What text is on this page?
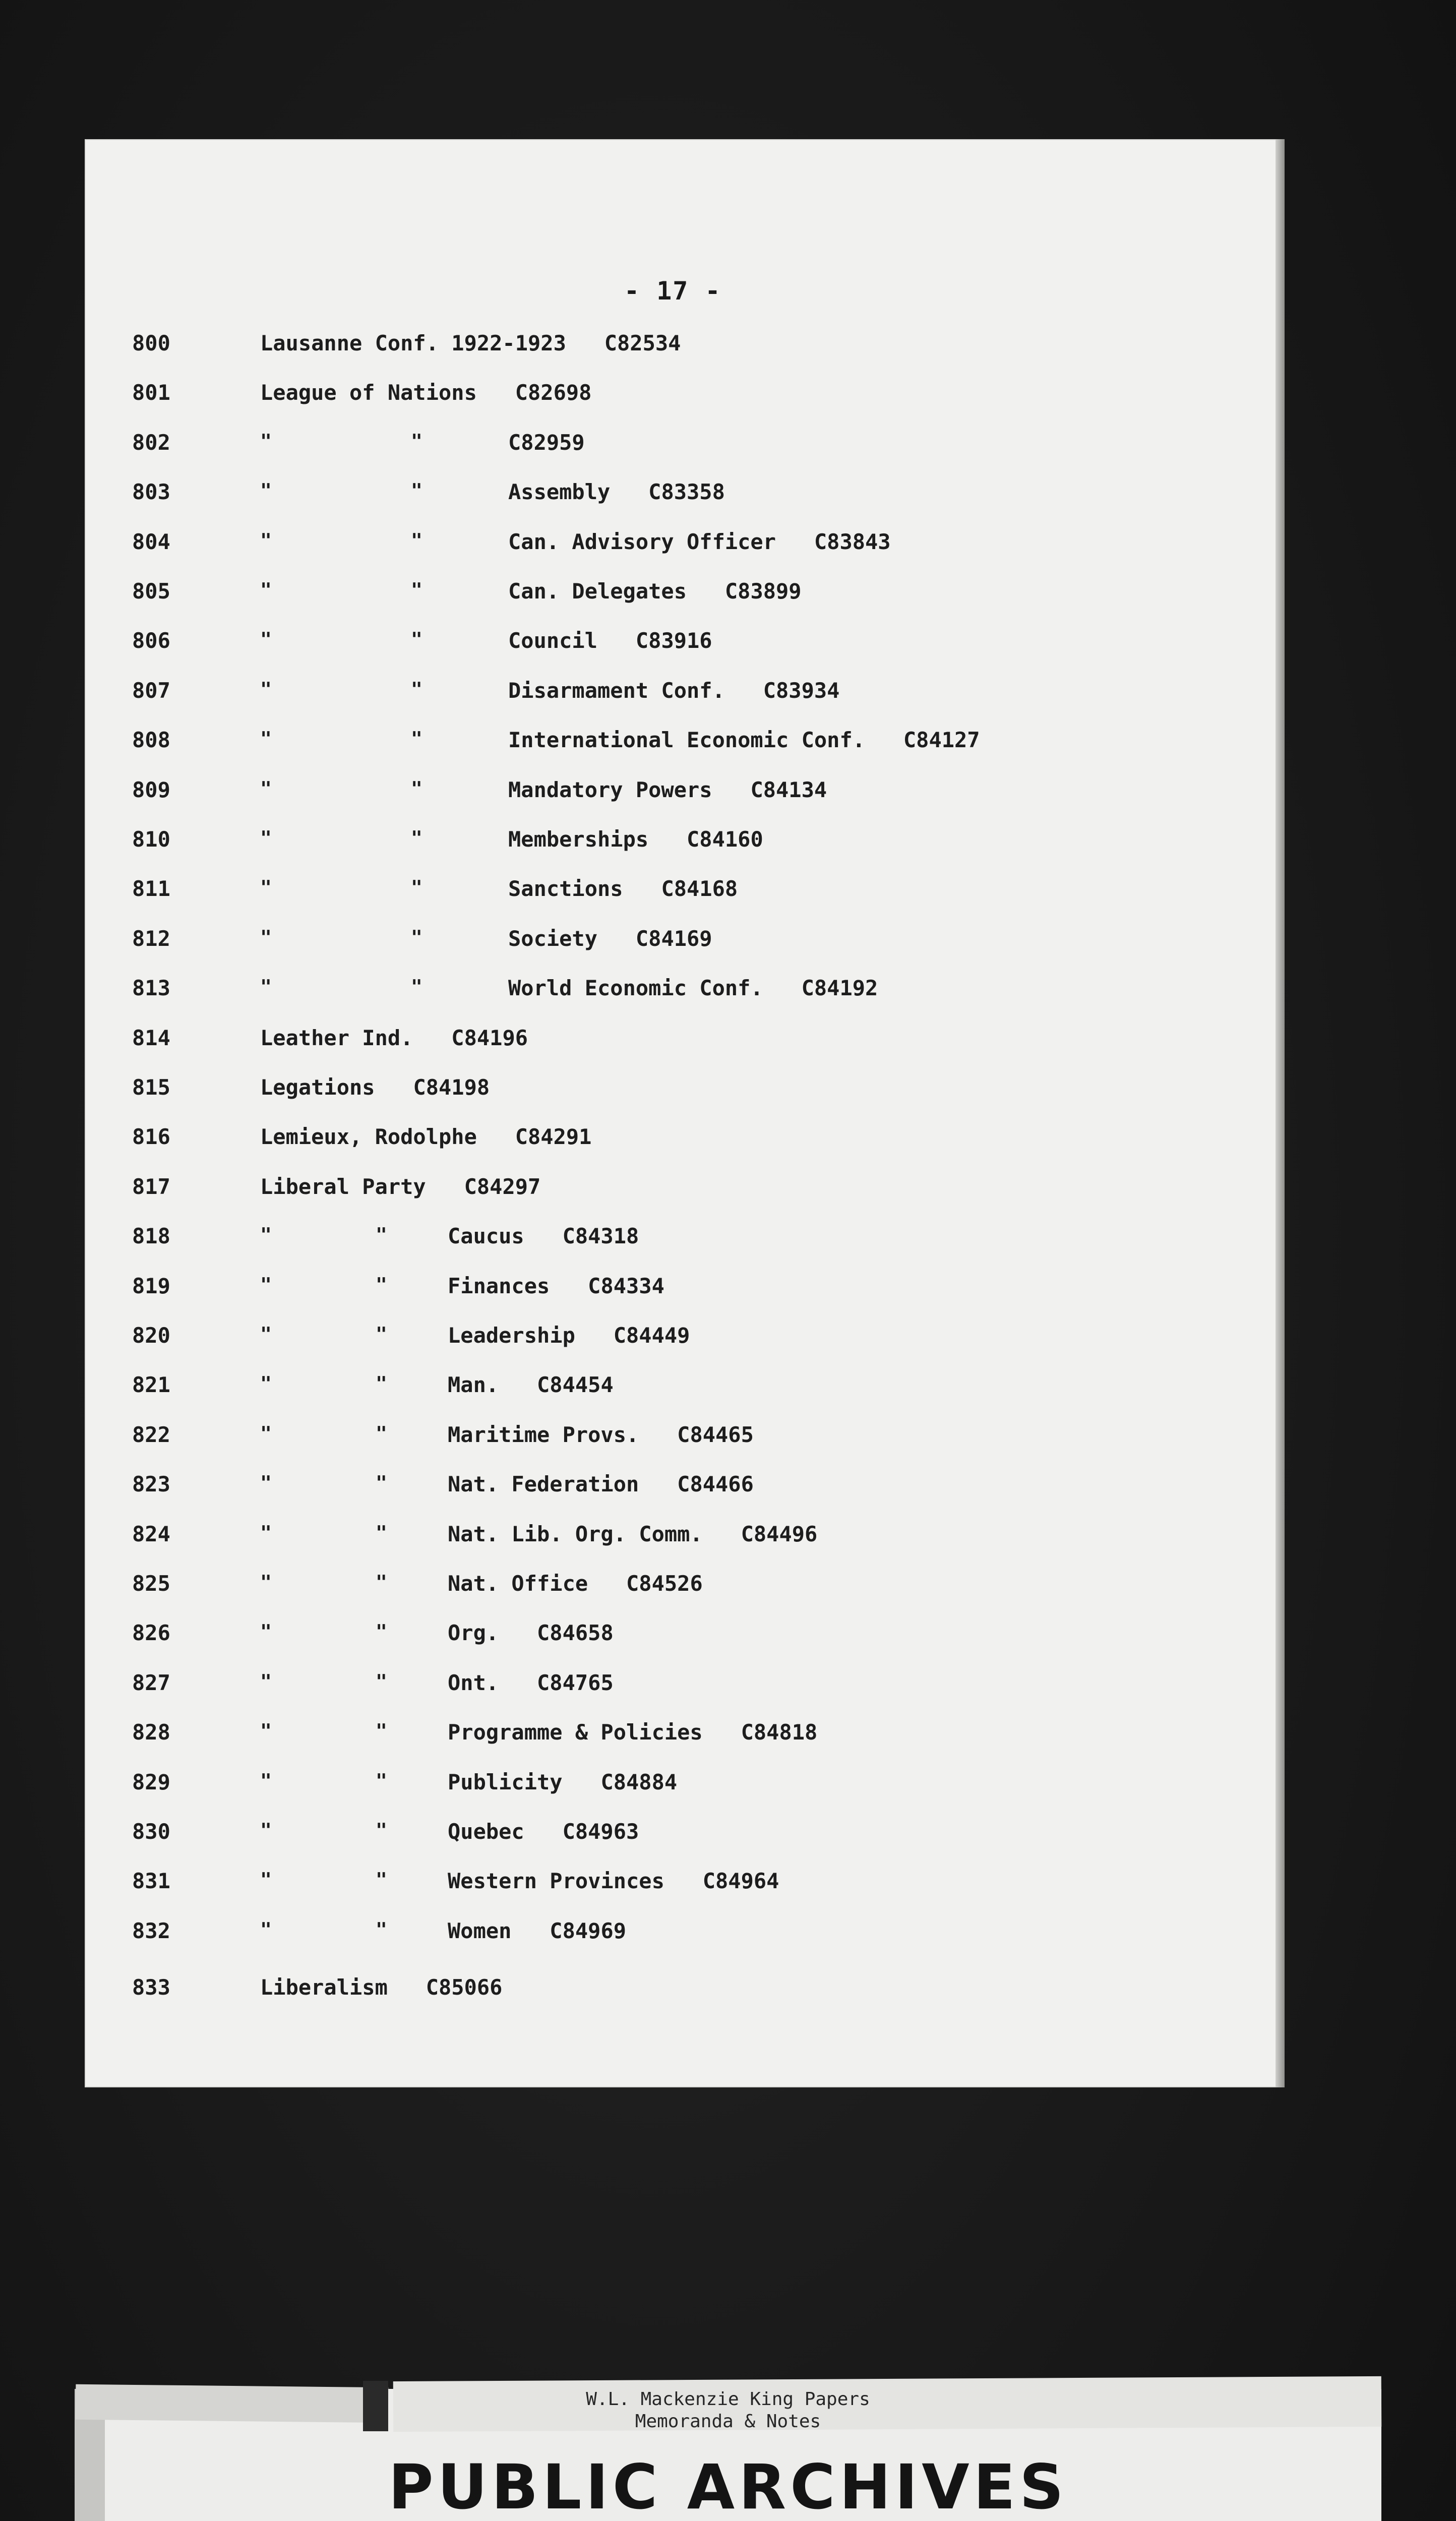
- 17 -
800	Lausanne Conf. 1922-1923 C82534
801	League of Nations C82698
802	"	"	C82959
803	"	"	Assembly C83358
804	"	"	Can. Advisory Officer C83843
805	"	"	Can. Delegates C83899
806	"	"	Council C83916
807	"	"	Disarmament Conf. C83934
808	"	"	International Economic Conf. C84127
809	"	"	Mandatory Powers C84134
810	"	"	Memberships C84160
811	"	"	Sanctions C84168
812	"	"	Society C84169
813	"	"	World Economic Conf. C84192
814	Leather Ind. C84196
815	Legations C84198
816	Lemieux, Rodolphe C84291
817	Liberal Party C84297
818	"	"	Caucus C84318
819	"	"	Finances C84334
820	"	"	Leadership C84449
821	"	"	Man. C84454
822	"	"	Maritime Provs. C84465
823	"	"	Nat. Federation C84466
824	"	"	Nat. Lib. Org. Comm. C84496
825	"	"	Nat. Office C84526
826	"	"	Org. C84658
827	"	"	Ont. C84765
828	"	"	Programme & Policies C84818
829	"	"	Publicity C84884
830	"	"	Quebec C84963
831	"	"	Western Provinces C84964
832	"	"	Women C84969
833	Liberalism C85066
W.L. Mackenzie King Papers
Memoranda & Notes
PUBLIC ARCHIVES
